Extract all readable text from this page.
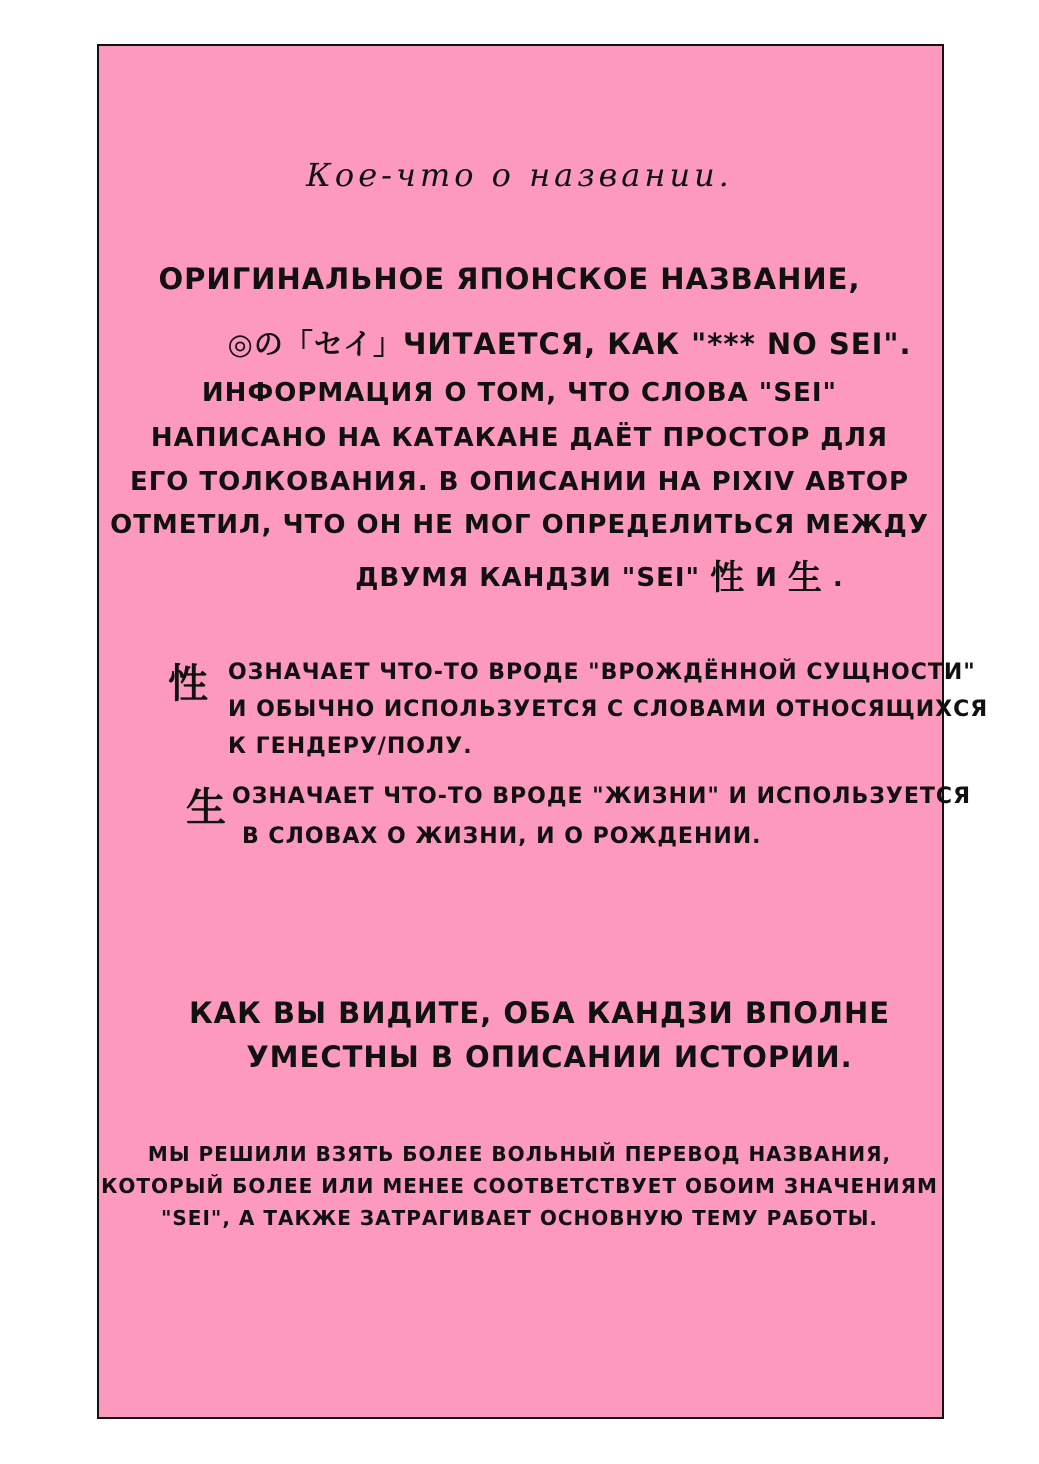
Кое-что о названии.
ОРИГИНАЛЬНОЕ ЯПОНСКОЕ НАЗВАНИЕ,
◎の「セイ」ЧИТАЕТСЯ, КАК "*** NO SEI".
ИНФОРМАЦИЯ О ТОМ, ЧТО СЛОВА "SEI"
НАПИСАНО НА КАТАКАНЕ ДАЁТ ПРОСТОР ДЛЯ
ЕГО ТОЛКОВАНИЯ. В ОПИСАНИИ НА PIXIV АВТОР
ОТМЕТИЛ, ЧТО ОН НЕ МОГ ОПРЕДЕЛИТЬСЯ МЕЖДУ
ДВУМЯ КАНДЗИ "SEI" 性 И 生 .
性 ОЗНАЧАЕТ ЧТО-ТО ВРОДЕ "ВРОЖДЁННОЙ СУЩНОСТИ"
И ОБЫЧНО ИСПОЛЬЗУЕТСЯ С СЛОВАМИ ОТНОСЯЩИХСЯ
К ГЕНДЕРУ/ПОЛУ.
生 ОЗНАЧАЕТ ЧТО-ТО ВРОДЕ "ЖИЗНИ" И ИСПОЛЬЗУЕТСЯ
В СЛОВАХ О ЖИЗНИ, И О РОЖДЕНИИ.
КАК ВЫ ВИДИТЕ, ОБА КАНДЗИ ВПОЛНЕ
УМЕСТНЫ В ОПИСАНИИ ИСТОРИИ.
МЫ РЕШИЛИ ВЗЯТЬ БОЛЕЕ ВОЛЬНЫЙ ПЕРЕВОД НАЗВАНИЯ,
КОТОРЫЙ БОЛЕЕ ИЛИ МЕНЕЕ СООТВЕТСТВУЕТ ОБОИМ ЗНАЧЕНИЯМ
"SEI", А ТАКЖЕ ЗАТРАГИВАЕТ ОСНОВНУЮ ТЕМУ РАБОТЫ.
